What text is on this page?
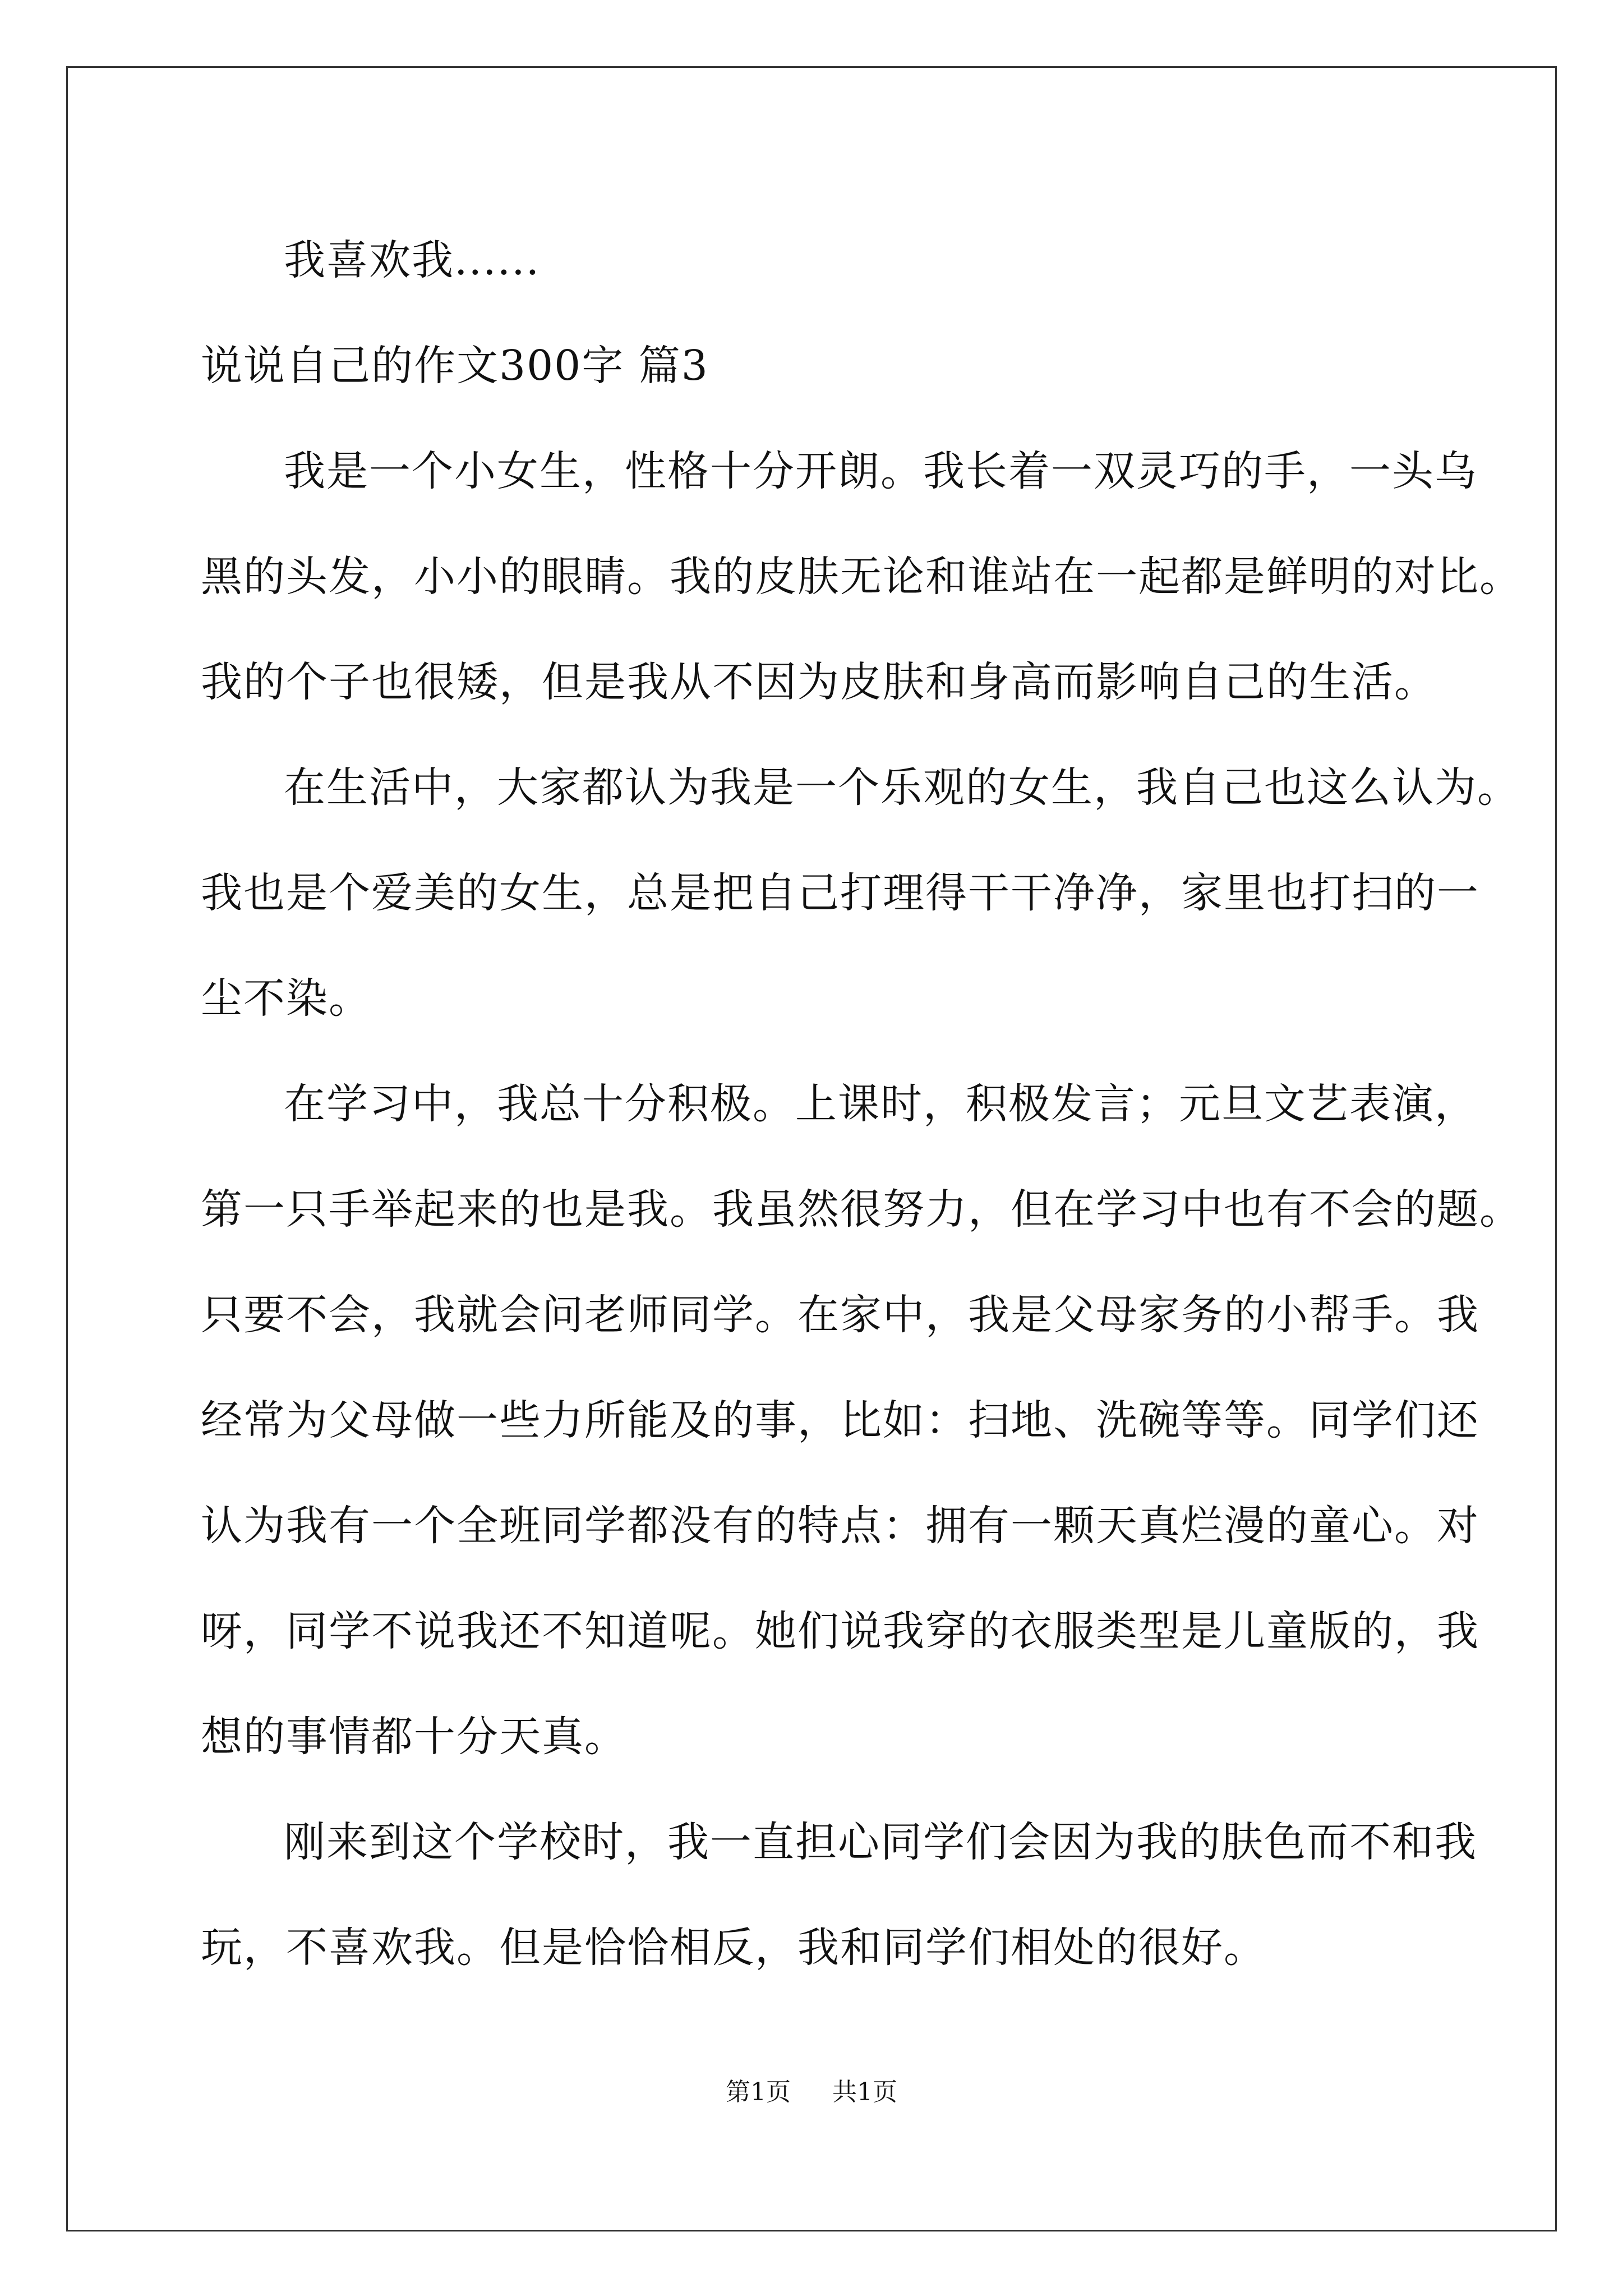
我喜欢我......
说说自己的作文300字 篇3
我是一个小女生，性格十分开朗。我长着一双灵巧的手，一头乌
黑的头发，小小的眼睛。我的皮肤无论和谁站在一起都是鲜明的对比。
我的个子也很矮，但是我从不因为皮肤和身高而影响自己的生活。
在生活中，大家都认为我是一个乐观的女生，我自己也这么认为。
我也是个爱美的女生，总是把自己打理得干干净净，家里也打扫的一
尘不染。
在学习中，我总十分积极。上课时，积极发言；元旦文艺表演，
第一只手举起来的也是我。我虽然很努力，但在学习中也有不会的题。
只要不会，我就会问老师同学。在家中，我是父母家务的小帮手。我
经常为父母做一些力所能及的事，比如：扫地、洗碗等等。同学们还
认为我有一个全班同学都没有的特点：拥有一颗天真烂漫的童心。对
呀，同学不说我还不知道呢。她们说我穿的衣服类型是儿童版的，我
想的事情都十分天真。
刚来到这个学校时，我一直担心同学们会因为我的肤色而不和我
玩，不喜欢我。但是恰恰相反，我和同学们相处的很好。
第1页 共1页
